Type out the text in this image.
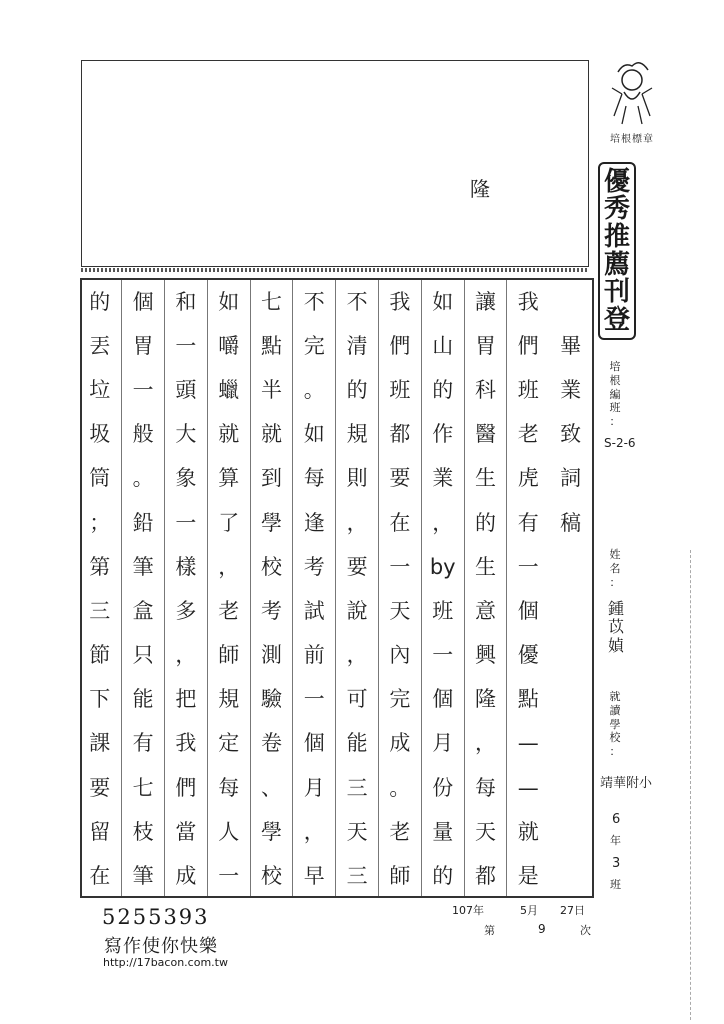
隆
畢
業
致
詞
稿
我
們
班
老
虎
有
一
個
優
點
—
—
就
是
讓
胃
科
醫
生
的
生
意
興
隆
，
每
天
都
如
山
的
作
業
，
by
班
一
個
月
份
量
的
我
們
班
都
要
在
一
天
內
完
成
。
老
師
不
清
的
規
則
，
要
說
，
可
能
三
天
三
不
完
。
如
每
逢
考
試
前
一
個
月
，
早
七
點
半
就
到
學
校
考
測
驗
卷
、
學
校
如
嚼
蠟
就
算
了
，
老
師
規
定
每
人
一
和
一
頭
大
象
一
樣
多
，
把
我
們
當
成
個
胃
一
般
。
鉛
筆
盒
只
能
有
七
枝
筆
的
丟
垃
圾
筒
；
第
三
節
下
課
要
留
在
培根標章
優
秀
推
薦
刊
登
培
根
編
班
：
S-2-6
姓
名
：
鍾
苡
媜
就
讀
學
校
：
靖華附小
6
年
3
班
107年	5月 27日
第	9	次
5255393
寫作使你快樂
http://17bacon.com.tw
